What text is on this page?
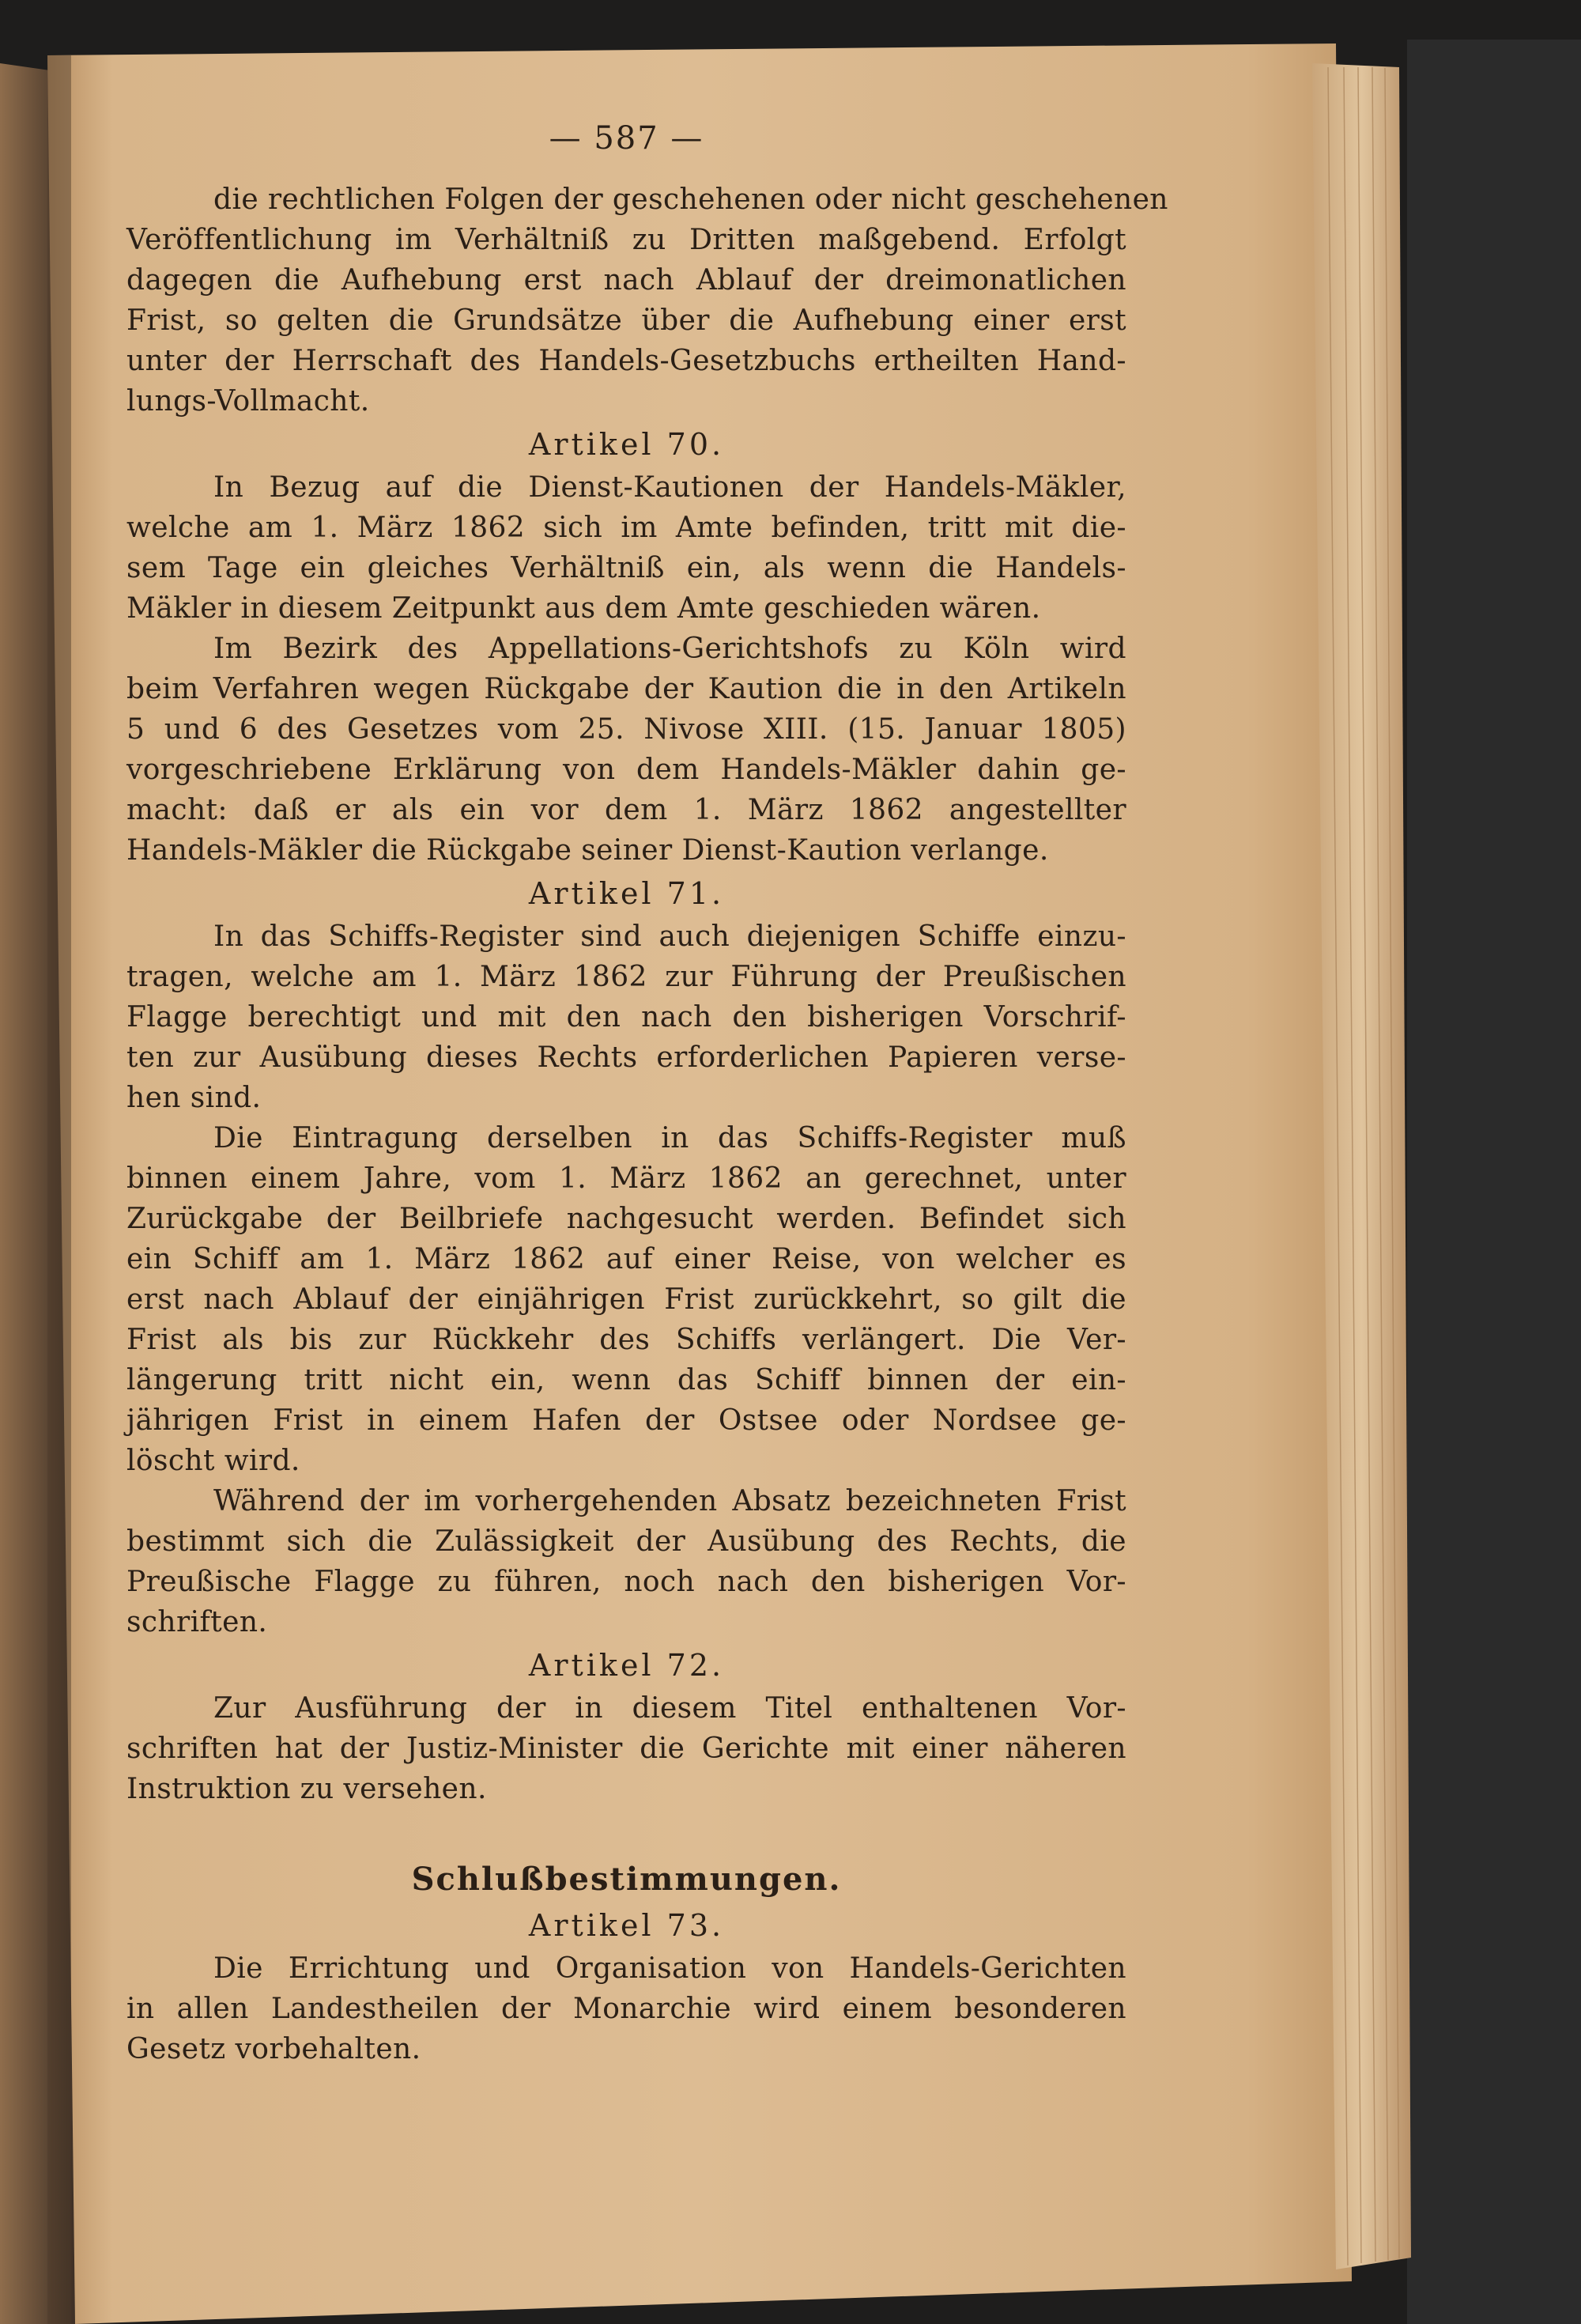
— 587 —
die rechtlichen Folgen der geschehenen oder nicht geschehenen
Veröffentlichung im Verhältniß zu Dritten maßgebend. Erfolgt
dagegen die Aufhebung erst nach Ablauf der dreimonatlichen
Frist, so gelten die Grundsätze über die Aufhebung einer erst
unter der Herrschaft des Handels-Gesetzbuchs ertheilten Hand-
lungs-Vollmacht.
Artikel 70.
In Bezug auf die Dienst-Kautionen der Handels-Mäkler,
welche am 1. März 1862 sich im Amte befinden, tritt mit die-
sem Tage ein gleiches Verhältniß ein, als wenn die Handels-
Mäkler in diesem Zeitpunkt aus dem Amte geschieden wären.
Im Bezirk des Appellations-Gerichtshofs zu Köln wird
beim Verfahren wegen Rückgabe der Kaution die in den Artikeln
5 und 6 des Gesetzes vom 25. Nivose XIII. (15. Januar 1805)
vorgeschriebene Erklärung von dem Handels-Mäkler dahin ge-
macht: daß er als ein vor dem 1. März 1862 angestellter
Handels-Mäkler die Rückgabe seiner Dienst-Kaution verlange.
Artikel 71.
In das Schiffs-Register sind auch diejenigen Schiffe einzu-
tragen, welche am 1. März 1862 zur Führung der Preußischen
Flagge berechtigt und mit den nach den bisherigen Vorschrif-
ten zur Ausübung dieses Rechts erforderlichen Papieren verse-
hen sind.
Die Eintragung derselben in das Schiffs-Register muß
binnen einem Jahre, vom 1. März 1862 an gerechnet, unter
Zurückgabe der Beilbriefe nachgesucht werden. Befindet sich
ein Schiff am 1. März 1862 auf einer Reise, von welcher es
erst nach Ablauf der einjährigen Frist zurückkehrt, so gilt die
Frist als bis zur Rückkehr des Schiffs verlängert. Die Ver-
längerung tritt nicht ein, wenn das Schiff binnen der ein-
jährigen Frist in einem Hafen der Ostsee oder Nordsee ge-
löscht wird.
Während der im vorhergehenden Absatz bezeichneten Frist
bestimmt sich die Zulässigkeit der Ausübung des Rechts, die
Preußische Flagge zu führen, noch nach den bisherigen Vor-
schriften.
Artikel 72.
Zur Ausführung der in diesem Titel enthaltenen Vor-
schriften hat der Justiz-Minister die Gerichte mit einer näheren
Instruktion zu versehen.
Schlußbestimmungen.
Artikel 73.
Die Errichtung und Organisation von Handels-Gerichten
in allen Landestheilen der Monarchie wird einem besonderen
Gesetz vorbehalten.
